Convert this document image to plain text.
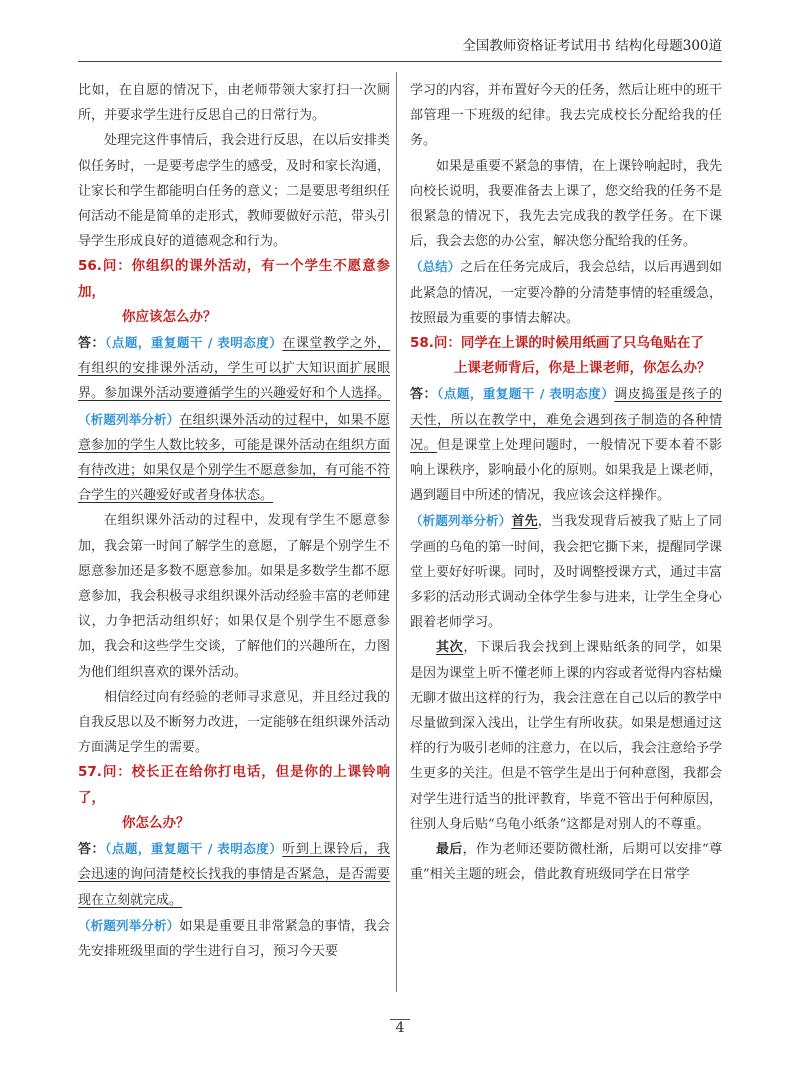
全国教师资格证考试用书 结构化母题300道

比如，在自愿的情况下，由老师带领大家打扫一次厕所，并要求学生进行反思自己的日常行为。

处理完这件事情后，我会进行反思，在以后安排类似任务时，一是要考虑学生的感受，及时和家长沟通，让家长和学生都能明白任务的意义；二是要思考组织任何活动不能是简单的走形式，教师要做好示范，带头引导学生形成良好的道德观念和行为。

56.问：你组织的课外活动，有一个学生不愿意参加，
你应该怎么办？

答：（点题，重复题干 / 表明态度）在课堂教学之外，有组织的安排课外活动，学生可以扩大知识面扩展眼界。参加课外活动要遵循学生的兴趣爱好和个人选择。

（析题列举分析）在组织课外活动的过程中，如果不愿意参加的学生人数比较多，可能是课外活动在组织方面有待改进；如果仅是个别学生不愿意参加，有可能不符合学生的兴趣爱好或者身体状态。

在组织课外活动的过程中，发现有学生不愿意参加，我会第一时间了解学生的意愿，了解是个别学生不愿意参加还是多数不愿意参加。如果是多数学生都不愿意参加，我会积极寻求组织课外活动经验丰富的老师建议，力争把活动组织好；如果仅是个别学生不愿意参加，我会和这些学生交谈，了解他们的兴趣所在，力图为他们组织喜欢的课外活动。

相信经过向有经验的老师寻求意见，并且经过我的自我反思以及不断努力改进，一定能够在组织课外活动方面满足学生的需要。

57.问：校长正在给你打电话，但是你的上课铃响了，
你怎么办？

答：（点题，重复题干 / 表明态度）听到上课铃后，我会迅速的询问清楚校长找我的事情是否紧急，是否需要现在立刻就完成。

（析题列举分析）如果是重要且非常紧急的事情，我会先安排班级里面的学生进行自习，预习今天要

学习的内容，并布置好今天的任务，然后让班中的班干部管理一下班级的纪律。我去完成校长分配给我的任务。

如果是重要不紧急的事情，在上课铃响起时，我先向校长说明，我要准备去上课了，您交给我的任务不是很紧急的情况下，我先去完成我的教学任务。在下课后，我会去您的办公室，解决您分配给我的任务。

（总结）之后在任务完成后，我会总结，以后再遇到如此紧急的情况，一定要冷静的分清楚事情的轻重缓急，按照最为重要的事情去解决。

58.问：同学在上课的时候用纸画了只乌龟贴在了
上课老师背后，你是上课老师，你怎么办？

答：（点题，重复题干 / 表明态度）调皮捣蛋是孩子的天性，所以在教学中，难免会遇到孩子制造的各种情况。但是课堂上处理问题时，一般情况下要本着不影响上课秩序，影响最小化的原则。如果我是上课老师，遇到题目中所述的情况，我应该会这样操作。

（析题列举分析）首先，当我发现背后被我了贴上了同学画的乌龟的第一时间，我会把它撕下来，提醒同学课堂上要好好听课。同时，及时调整授课方式，通过丰富多彩的活动形式调动全体学生参与进来，让学生全身心跟着老师学习。

其次，下课后我会找到上课贴纸条的同学，如果是因为课堂上听不懂老师上课的内容或者觉得内容枯燥无聊才做出这样的行为，我会注意在自己以后的教学中尽量做到深入浅出，让学生有所收获。如果是想通过这样的行为吸引老师的注意力，在以后，我会注意给予学生更多的关注。但是不管学生是出于何种意图，我都会对学生进行适当的批评教育，毕竟不管出于何种原因，往别人身后贴“乌龟小纸条”这都是对别人的不尊重。

最后，作为老师还要防微杜渐，后期可以安排“尊重”相关主题的班会，借此教育班级同学在日常学

4
